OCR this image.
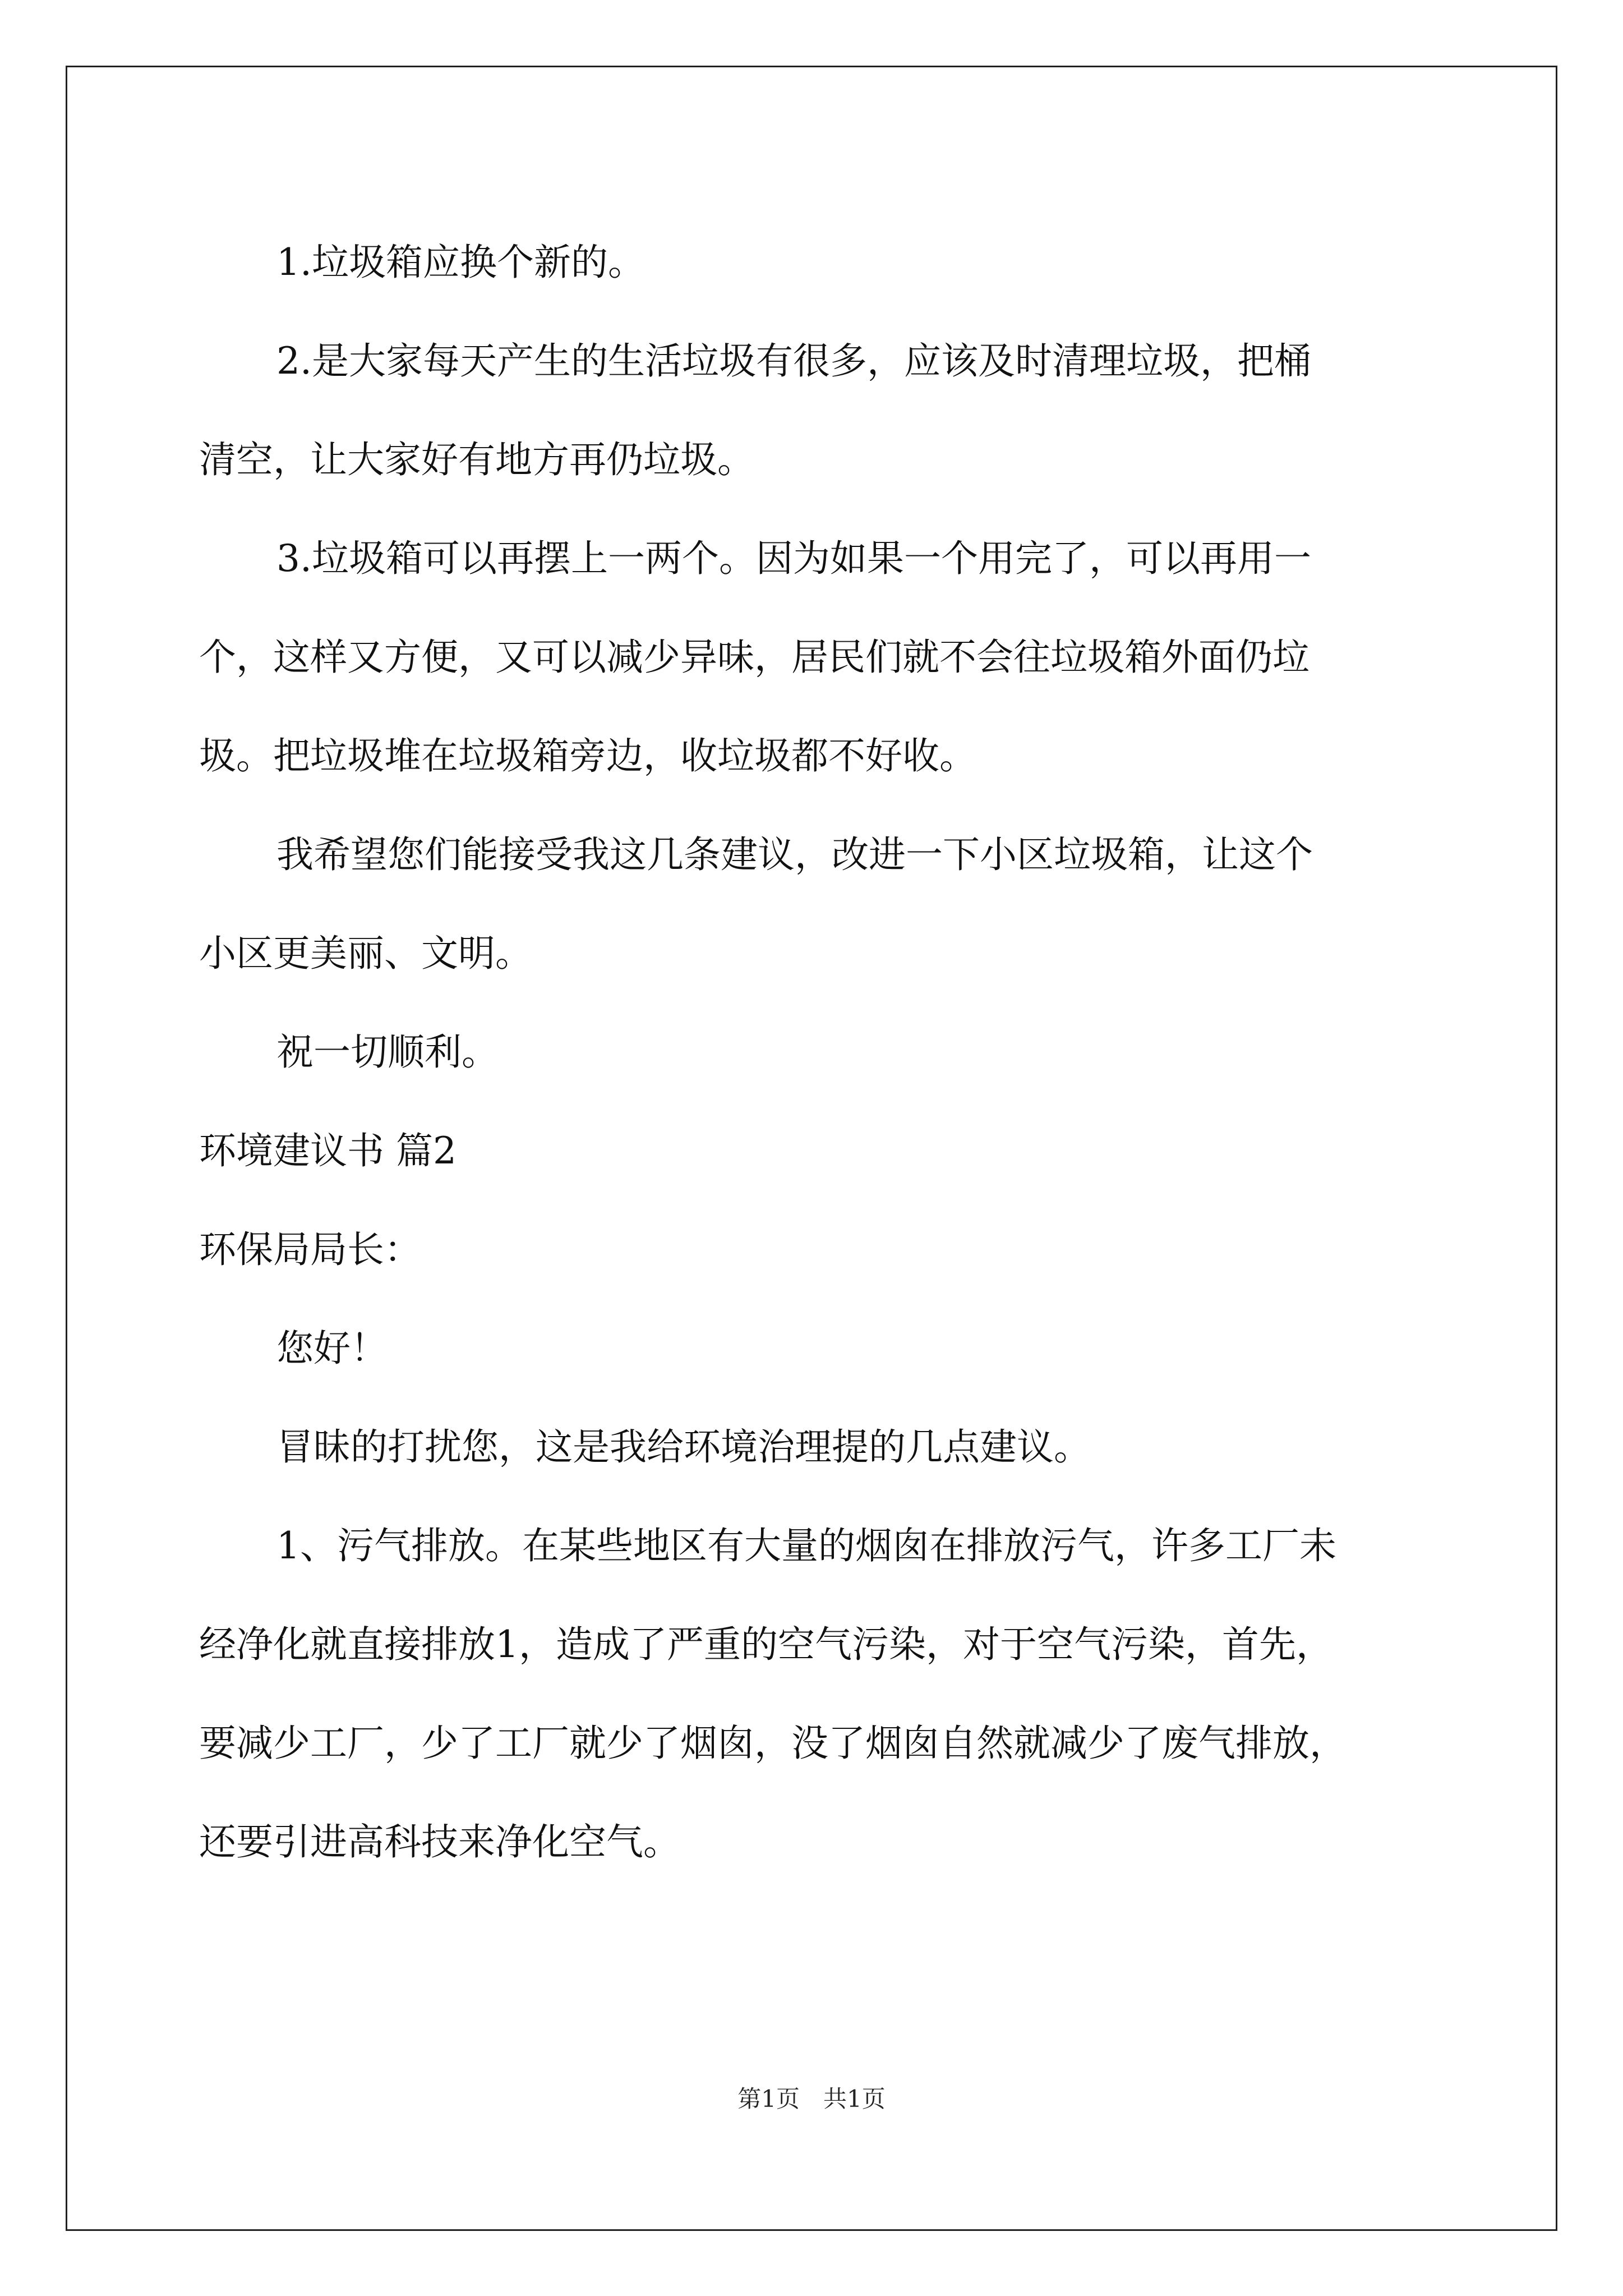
1.垃圾箱应换个新的。
2.是大家每天产生的生活垃圾有很多，应该及时清理垃圾，把桶
清空，让大家好有地方再仍垃圾。
3.垃圾箱可以再摆上一两个。因为如果一个用完了，可以再用一
个，这样又方便，又可以减少异味，居民们就不会往垃圾箱外面仍垃
圾。把垃圾堆在垃圾箱旁边，收垃圾都不好收。
我希望您们能接受我这几条建议，改进一下小区垃圾箱，让这个
小区更美丽、文明。
祝一切顺利。
环境建议书 篇2
环保局局长：
您好！
冒昧的打扰您，这是我给环境治理提的几点建议。
1、污气排放。在某些地区有大量的烟囱在排放污气，许多工厂未
经净化就直接排放1，造成了严重的空气污染，对于空气污染，首先，
要减少工厂，少了工厂就少了烟囱，没了烟囱自然就减少了废气排放，
还要引进高科技来净化空气。
第1页　共1页
